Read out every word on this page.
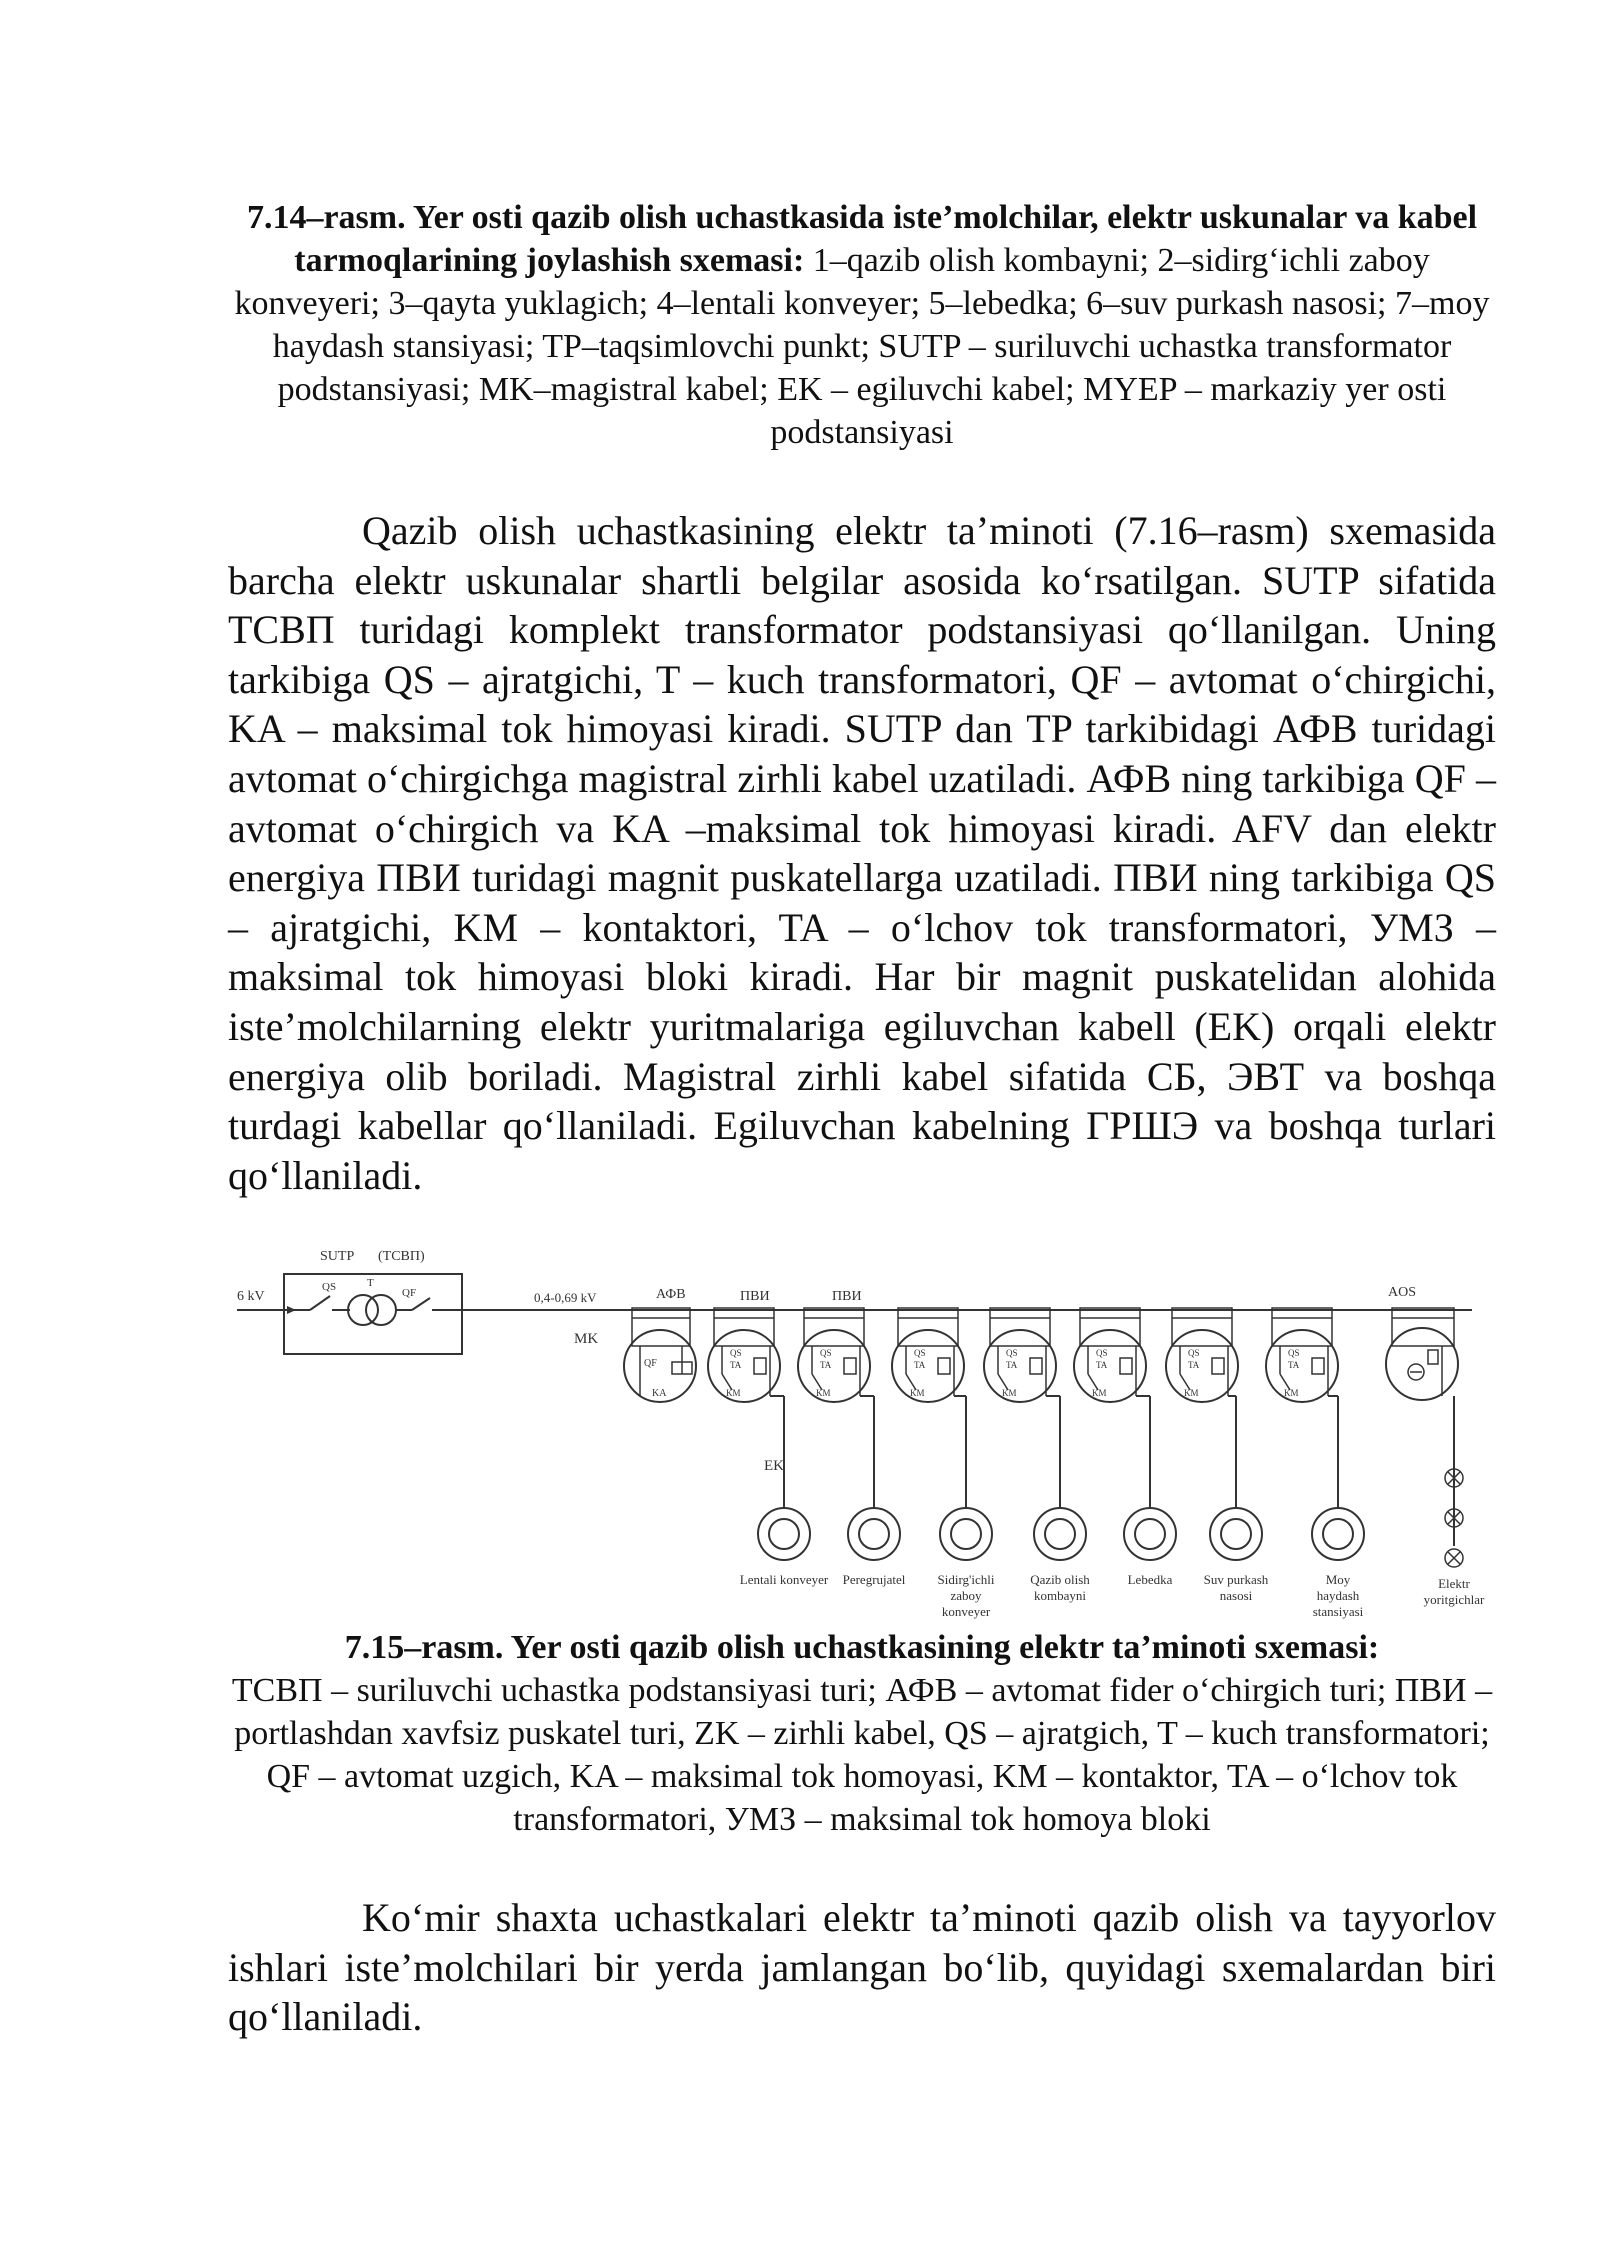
7.14–rasm. Yer osti qazib olish uchastkasida iste’molchilar, elektr uskunalar va kabel tarmoqlarining joylashish sxemasi: 1–qazib olish kombayni; 2–sidirg‘ichli zaboy konveyeri; 3–qayta yuklagich; 4–lentali konveyer; 5–lebedka; 6–suv purkash nasosi; 7–moy haydash stansiyasi; TP–taqsimlovchi punkt; SUTP – suriluvchi uchastka transformator podstansiyasi; MK–magistral kabel; EK – egiluvchi kabel; MYEP – markaziy yer osti podstansiyasi
Qazib olish uchastkasining elektr ta’minoti (7.16–rasm) sxemasida barcha elektr uskunalar shartli belgilar asosida ko‘rsatilgan. SUTP sifatida ТСВП turidagi komplekt transformator podstansiyasi qo‘llanilgan. Uning tarkibiga QS – ajratgichi, T – kuch transformatori, QF – avtomat o‘chirgichi, KA – maksimal tok himoyasi kiradi. SUTP dan TP tarkibidagi АФВ turidagi avtomat o‘chirgichga magistral zirhli kabel uzatiladi. АФВ ning tarkibiga QF – avtomat o‘chirgich va KA –maksimal tok himoyasi kiradi. AFV dan elektr energiya ПВИ turidagi magnit puskatellarga uzatiladi. ПВИ ning tarkibiga QS – ajratgichi, KM – kontaktori, TA – o‘lchov tok transformatori, УМЗ – maksimal tok himoyasi bloki kiradi. Har bir magnit puskatelidan alohida iste’molchilarning elektr yuritmalariga egiluvchan kabell (EK) orqali elektr energiya olib boriladi. Magistral zirhli kabel sifatida СБ, ЭВТ va boshqa turdagi kabellar qo‘llaniladi. Egiluvchan kabelning ГРШЭ va boshqa turlari qo‘llaniladi.
SUTP (ТСВП)
6 kV
QS	T
QF	0,4-0,69 kV
MK
АФВ	ПВИ	ПВИ	AOS
QF
KA
QS
TA
KM
QS
TA
KM
QS
TA
KM
QS
TA
KM
QS
TA
KM
QS
TA
KM
QS
TA
KM
Elektr
yoritgichlar
EK
Lentali konveyer Peregrujatel Sidirg'ichli
zaboy
konveyer
Qazib olish
kombayni
Lebedka Suv purkash
nasosi
Moy
haydash
stansiyasi
7.15–rasm. Yer osti qazib olish uchastkasining elektr ta’minoti sxemasi:
ТСВП – suriluvchi uchastka podstansiyasi turi; АФВ – avtomat fider o‘chirgich turi; ПВИ – portlashdan xavfsiz puskatel turi, ZK – zirhli kabel, QS – ajratgich, T – kuch transformatori; QF – avtomat uzgich, KA – maksimal tok homoyasi, KM – kontaktor, TA – o‘lchov tok transformatori, УМЗ – maksimal tok homoya bloki
Ko‘mir shaxta uchastkalari elektr ta’minoti qazib olish va tayyorlov ishlari iste’molchilari bir yerda jamlangan bo‘lib, quyidagi sxemalardan biri qo‘llaniladi.
